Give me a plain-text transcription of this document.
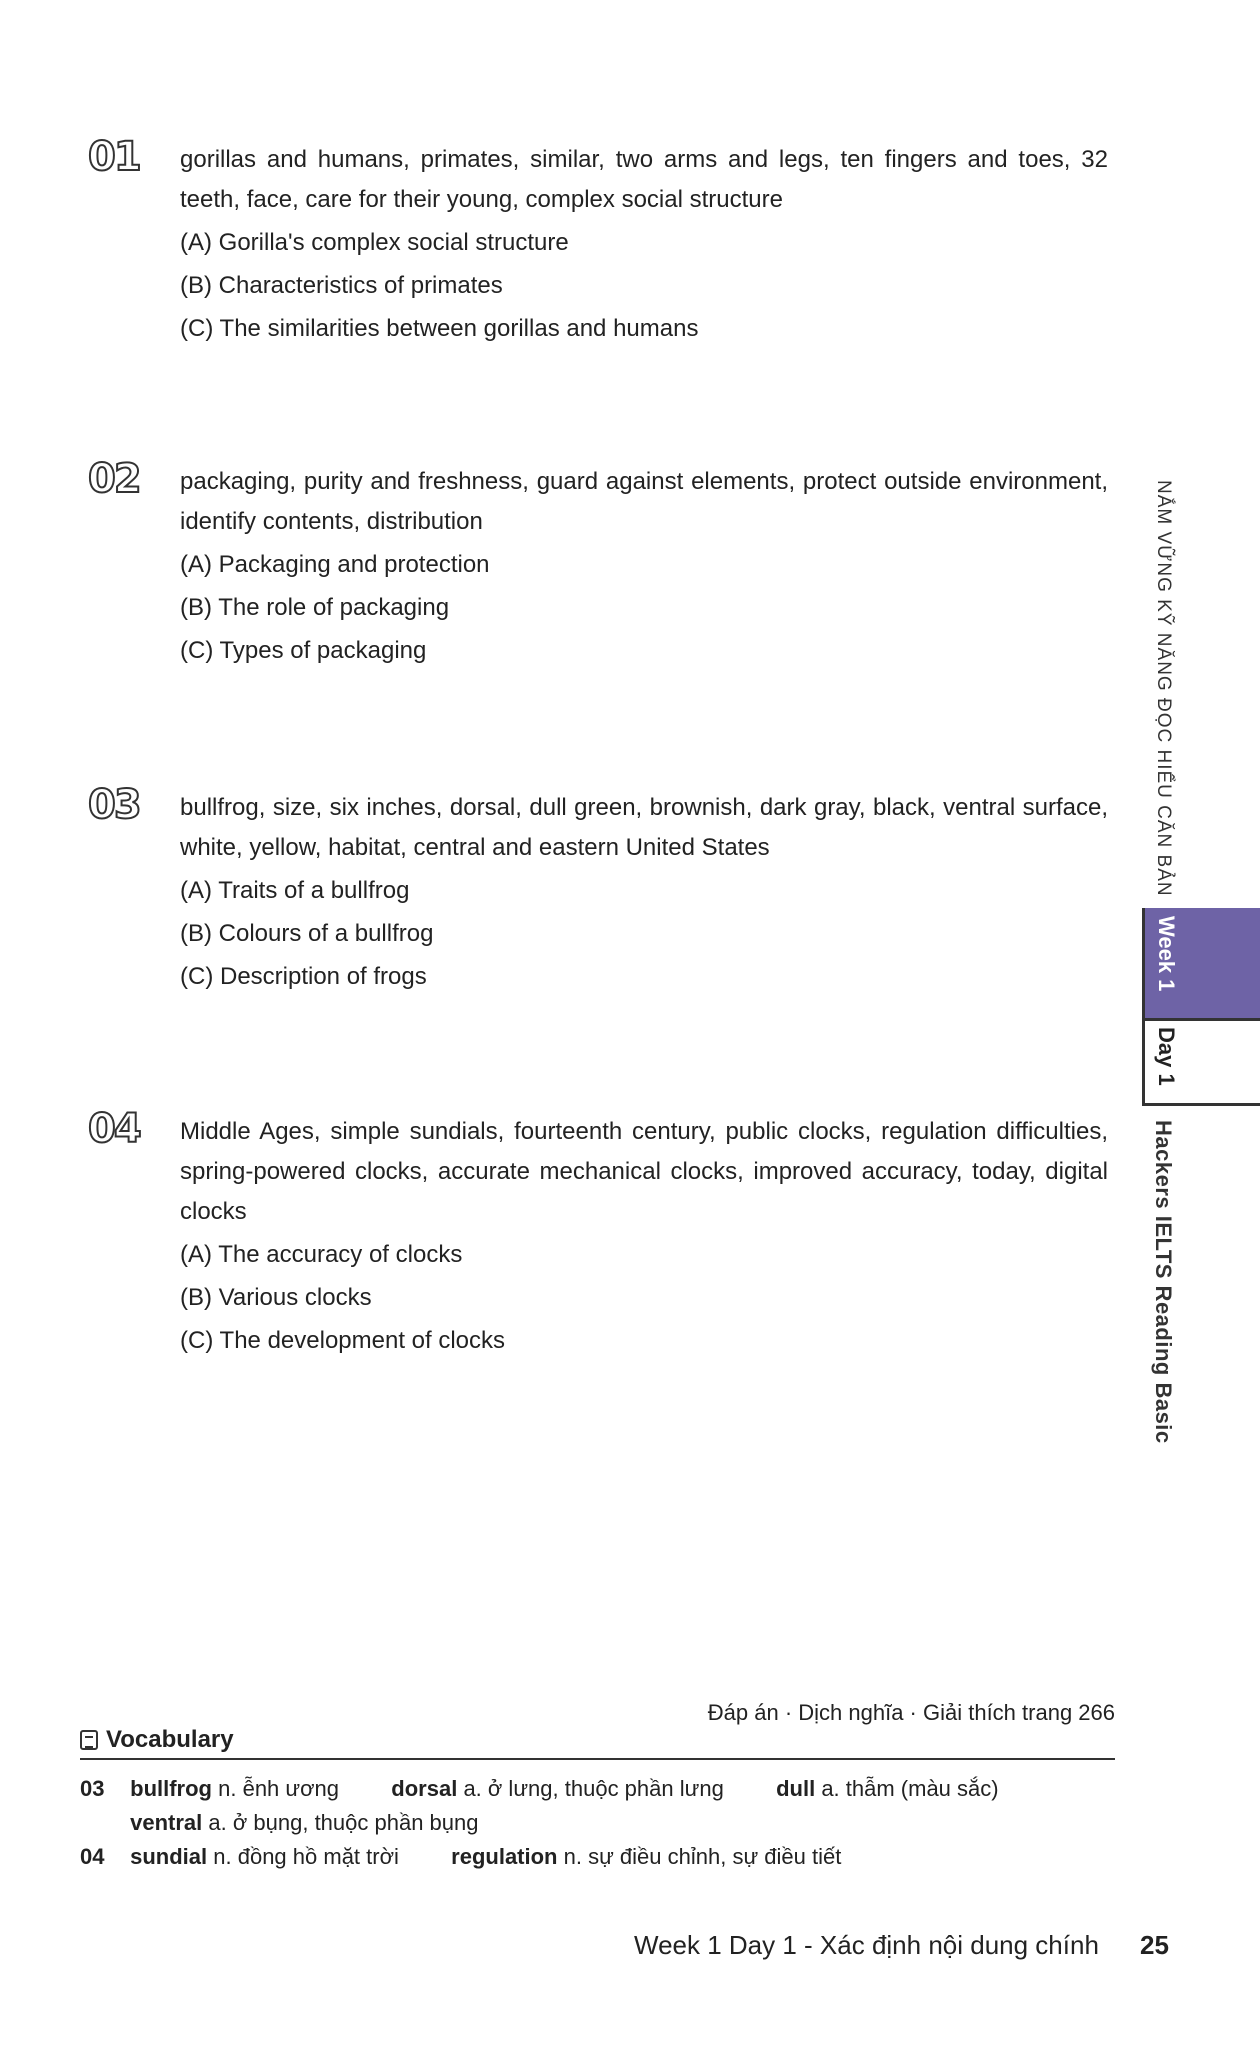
01 gorillas and humans, primates, similar, two arms and legs, ten fingers and toes, 32 teeth, face, care for their young, complex social structure
(A) Gorilla's complex social structure
(B) Characteristics of primates
(C) The similarities between gorillas and humans
02 packaging, purity and freshness, guard against elements, protect outside environment, identify contents, distribution
(A) Packaging and protection
(B) The role of packaging
(C) Types of packaging
03 bullfrog, size, six inches, dorsal, dull green, brownish, dark gray, black, ventral surface, white, yellow, habitat, central and eastern United States
(A) Traits of a bullfrog
(B) Colours of a bullfrog
(C) Description of frogs
04 Middle Ages, simple sundials, fourteenth century, public clocks, regulation difficulties, spring-powered clocks, accurate mechanical clocks, improved accuracy, today, digital clocks
(A) The accuracy of clocks
(B) Various clocks
(C) The development of clocks
NẮM VỮNG KỸ NĂNG ĐỌC HIỂU CĂN BẢN
Week 1
Day 1
Hackers IELTS Reading Basic
Đáp án · Dịch nghĩa · Giải thích trang 266
Vocabulary
03 bullfrog n. ễnh ương dorsal a. ở lưng, thuộc phần lưng dull a. thẫm (màu sắc)
ventral a. ở bụng, thuộc phần bụng
04 sundial n. đồng hồ mặt trời regulation n. sự điều chỉnh, sự điều tiết
Week 1 Day 1 - Xác định nội dung chính 25
